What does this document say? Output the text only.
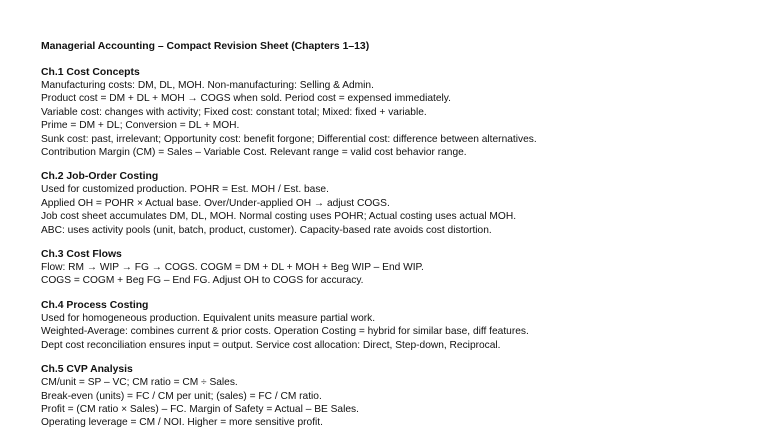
Managerial Accounting – Compact Revision Sheet (Chapters 1–13)
Ch.1 Cost Concepts
Manufacturing costs: DM, DL, MOH. Non-manufacturing: Selling & Admin.
Product cost = DM + DL + MOH → COGS when sold. Period cost = expensed immediately.
Variable cost: changes with activity; Fixed cost: constant total; Mixed: fixed + variable.
Prime = DM + DL; Conversion = DL + MOH.
Sunk cost: past, irrelevant; Opportunity cost: benefit forgone; Differential cost: difference between alternatives.
Contribution Margin (CM) = Sales – Variable Cost. Relevant range = valid cost behavior range.
Ch.2 Job-Order Costing
Used for customized production. POHR = Est. MOH / Est. base.
Applied OH = POHR × Actual base. Over/Under-applied OH → adjust COGS.
Job cost sheet accumulates DM, DL, MOH. Normal costing uses POHR; Actual costing uses actual MOH.
ABC: uses activity pools (unit, batch, product, customer). Capacity-based rate avoids cost distortion.
Ch.3 Cost Flows
Flow: RM → WIP → FG → COGS. COGM = DM + DL + MOH + Beg WIP – End WIP.
COGS = COGM + Beg FG – End FG. Adjust OH to COGS for accuracy.
Ch.4 Process Costing
Used for homogeneous production. Equivalent units measure partial work.
Weighted-Average: combines current & prior costs. Operation Costing = hybrid for similar base, diff features.
Dept cost reconciliation ensures input = output. Service cost allocation: Direct, Step-down, Reciprocal.
Ch.5 CVP Analysis
CM/unit = SP – VC; CM ratio = CM ÷ Sales.
Break-even (units) = FC / CM per unit; (sales) = FC / CM ratio.
Profit = (CM ratio × Sales) – FC. Margin of Safety = Actual – BE Sales.
Operating leverage = CM / NOI. Higher = more sensitive profit.
